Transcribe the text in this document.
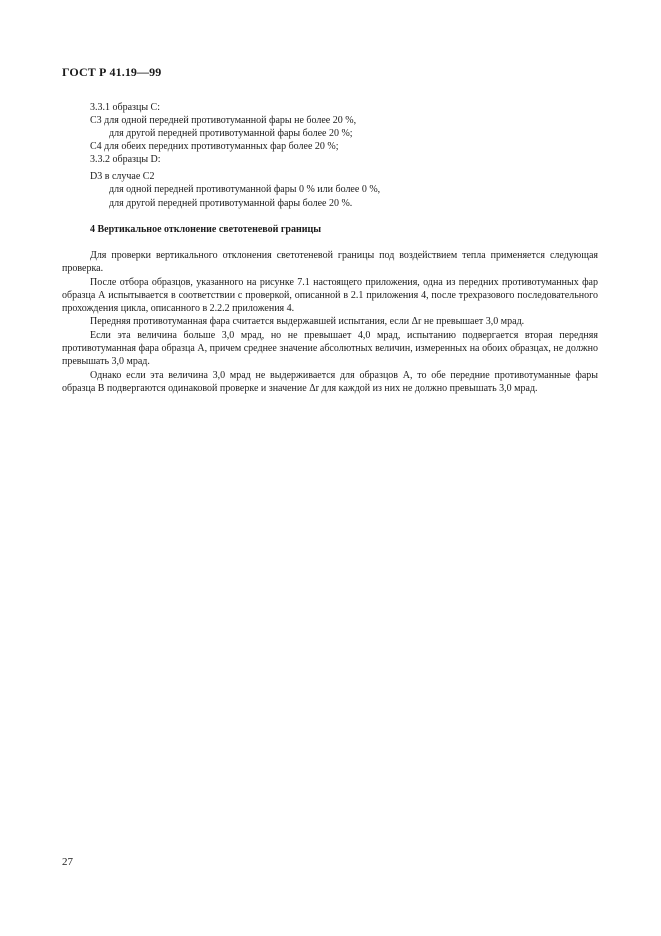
ГОСТ Р 41.19—99
3.3.1 образцы С:
С3 для одной передней противотуманной фары не более 20 %,
для другой передней противотуманной фары более 20 %;
С4 для обеих передних противотуманных фар более 20 %;
3.3.2 образцы D:
D3 в случае С2
для одной передней противотуманной фары 0 % или более 0 %,
для другой передней противотуманной фары более 20 %.
4 Вертикальное отклонение светотеневой границы

Для проверки вертикального отклонения светотеневой границы под воздействием тепла применяется следующая проверка.

После отбора образцов, указанного на рисунке 7.1 настоящего приложения, одна из передних противотуманных фар образца А испытывается в соответствии с проверкой, описанной в 2.1 приложения 4, после трехразового последовательного прохождения цикла, описанного в 2.2.2 приложения 4.

Передняя противотуманная фара считается выдержавшей испытания, если Δr не превышает 3,0 мрад.

Если эта величина больше 3,0 мрад, но не превышает 4,0 мрад, испытанию подвергается вторая передняя противотуманная фара образца А, причем среднее значение абсолютных величин, измеренных на обоих образцах, не должно превышать 3,0 мрад.

Однако если эта величина 3,0 мрад не выдерживается для образцов А, то обе передние противотуманные фары образца В подвергаются одинаковой проверке и значение Δr для каждой из них не должно превышать 3,0 мрад.

27
